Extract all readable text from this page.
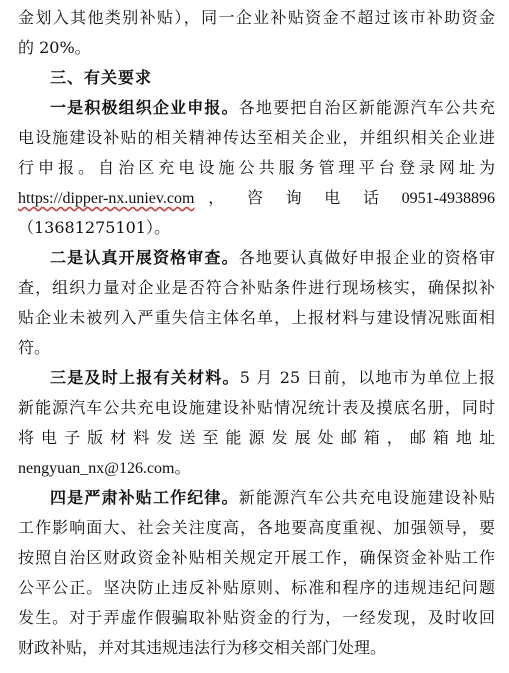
金划入其他类别补贴），同一企业补贴资金不超过该市补助资金
的 20%。
三、有关要求
一是积极组织企业申报。各地要把自治区新能源汽车公共充
电设施建设补贴的相关精神传达至相关企业，并组织相关企业进
行申报。自治区充电设施公共服务管理平台登录网址为
https://dipper-nx.uniev.com ， 咨 询 电 话 0951-4938896
（13681275101）。
二是认真开展资格审查。各地要认真做好申报企业的资格审
查，组织力量对企业是否符合补贴条件进行现场核实，确保拟补
贴企业未被列入严重失信主体名单，上报材料与建设情况账面相
符。
三是及时上报有关材料。5 月 25 日前，以地市为单位上报
新能源汽车公共充电设施建设补贴情况统计表及摸底名册，同时
将电子版材料发送至能源发展处邮箱，邮箱地址
nengyuan_nx@126.com。
四是严肃补贴工作纪律。新能源汽车公共充电设施建设补贴
工作影响面大、社会关注度高，各地要高度重视、加强领导，要
按照自治区财政资金补贴相关规定开展工作，确保资金补贴工作
公平公正。坚决防止违反补贴原则、标准和程序的违规违纪问题
发生。对于弄虚作假骗取补贴资金的行为，一经发现，及时收回
财政补贴，并对其违规违法行为移交相关部门处理。
